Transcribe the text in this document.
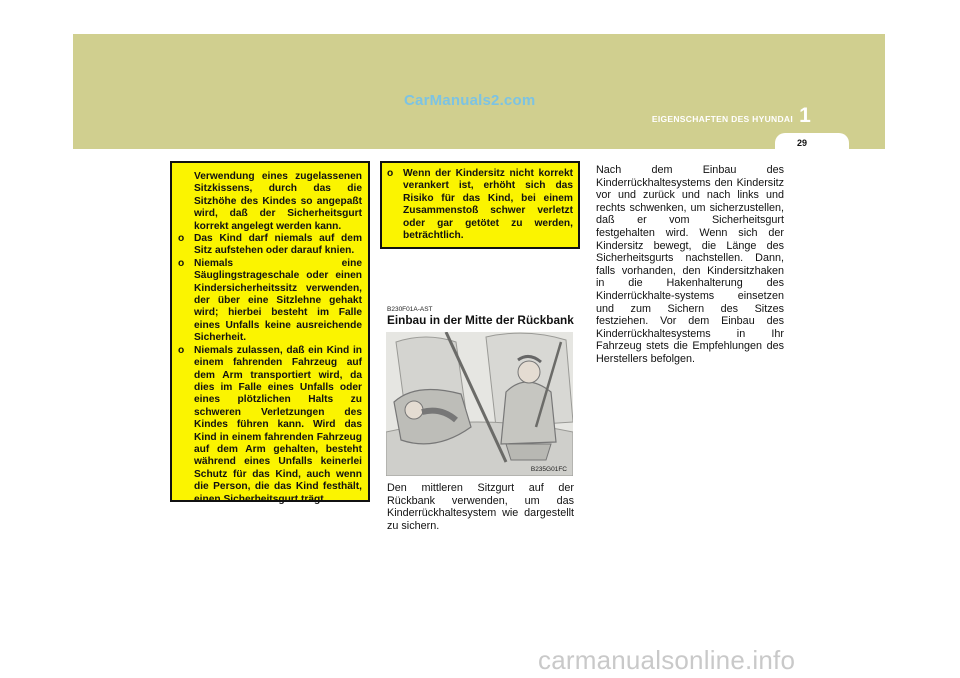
CarManuals2.com
EIGENSCHAFTEN DES HYUNDAI 1
29

Verwendung eines zugelassenen Sitzkissens, durch das die Sitzhöhe des Kindes so angepaßt wird, daß der Sicherheitsgurt korrekt angelegt werden kann.

o Das Kind darf niemals auf dem Sitz aufstehen oder darauf knien.
o Niemals eine Säuglingstrageschale oder einen Kindersicherheitssitz verwenden, der über eine Sitzlehne gehakt wird; hierbei besteht im Falle eines Unfalls keine ausreichende Sicherheit.
o Niemals zulassen, daß ein Kind in einem fahrenden Fahrzeug auf dem Arm transportiert wird, da dies im Falle eines Unfalls oder eines plötzlichen Halts zu schweren Verletzungen des Kindes führen kann. Wird das Kind in einem fahrenden Fahrzeug auf dem Arm gehalten, besteht während eines Unfalls keinerlei Schutz für das Kind, auch wenn die Person, die das Kind festhält, einen Sicherheitsgurt trägt.
o Wenn der Kindersitz nicht korrekt verankert ist, erhöht sich das Risiko für das Kind, bei einem Zusammenstoß schwer verletzt oder gar getötet zu werden, beträchtlich.
B230F01A-AST
Einbau in der Mitte der Rückbank
B235G01FC
Den mittleren Sitzgurt auf der Rückbank verwenden, um das Kinderrückhaltesystem wie dargestellt zu sichern.
Nach dem Einbau des Kinderrückhaltesystems den Kindersitz vor und zurück und nach links und rechts schwenken, um sicherzustellen, daß er vom Sicherheitsgurt festgehalten wird. Wenn sich der Kindersitz bewegt, die Länge des Sicherheitsgurts nachstellen. Dann, falls vorhanden, den Kindersitzhaken in die Hakenhalterung des Kinderrückhalte-systems einsetzen und zum Sichern des Sitzes festziehen. Vor dem Einbau des Kinderrückhaltesystems in Ihr Fahrzeug stets die Empfehlungen des Herstellers befolgen.
carmanualsonline.info
